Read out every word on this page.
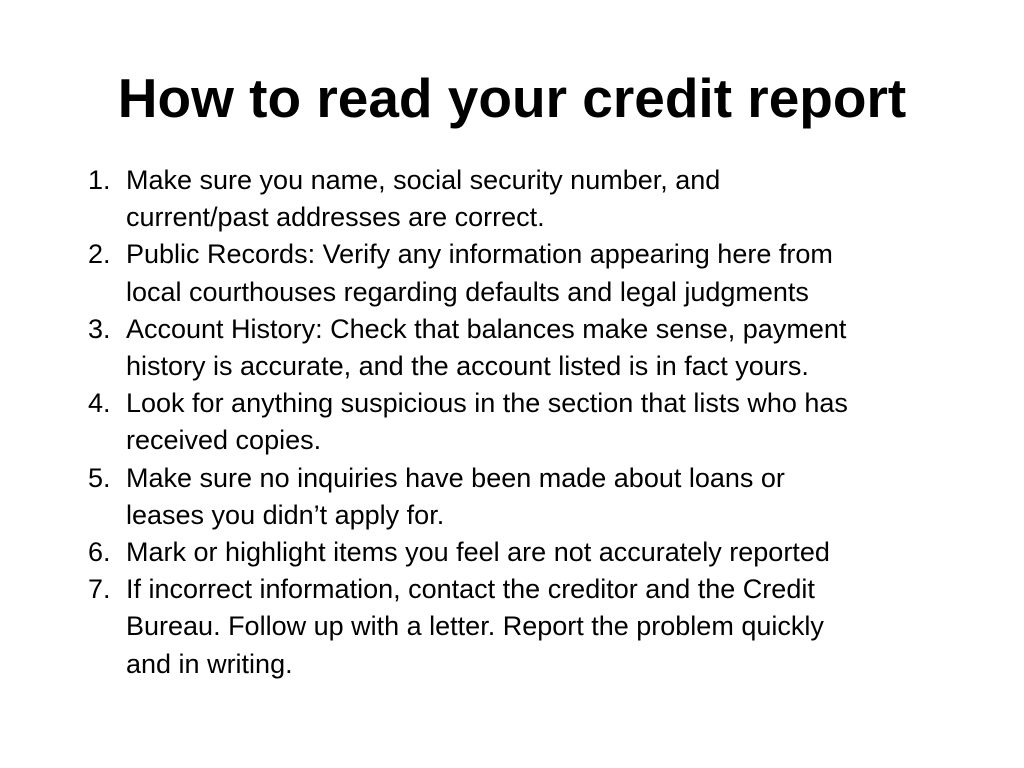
How to read your credit report
1. Make sure you name, social security number, and
current/past addresses are correct.
2. Public Records: Verify any information appearing here from
local courthouses regarding defaults and legal judgments
3. Account History: Check that balances make sense, payment
history is accurate, and the account listed is in fact yours.
4. Look for anything suspicious in the section that lists who has
received copies.
5. Make sure no inquiries have been made about loans or
leases you didn’t apply for.
6. Mark or highlight items you feel are not accurately reported
7. If incorrect information, contact the creditor and the Credit
Bureau. Follow up with a letter. Report the problem quickly
and in writing.
